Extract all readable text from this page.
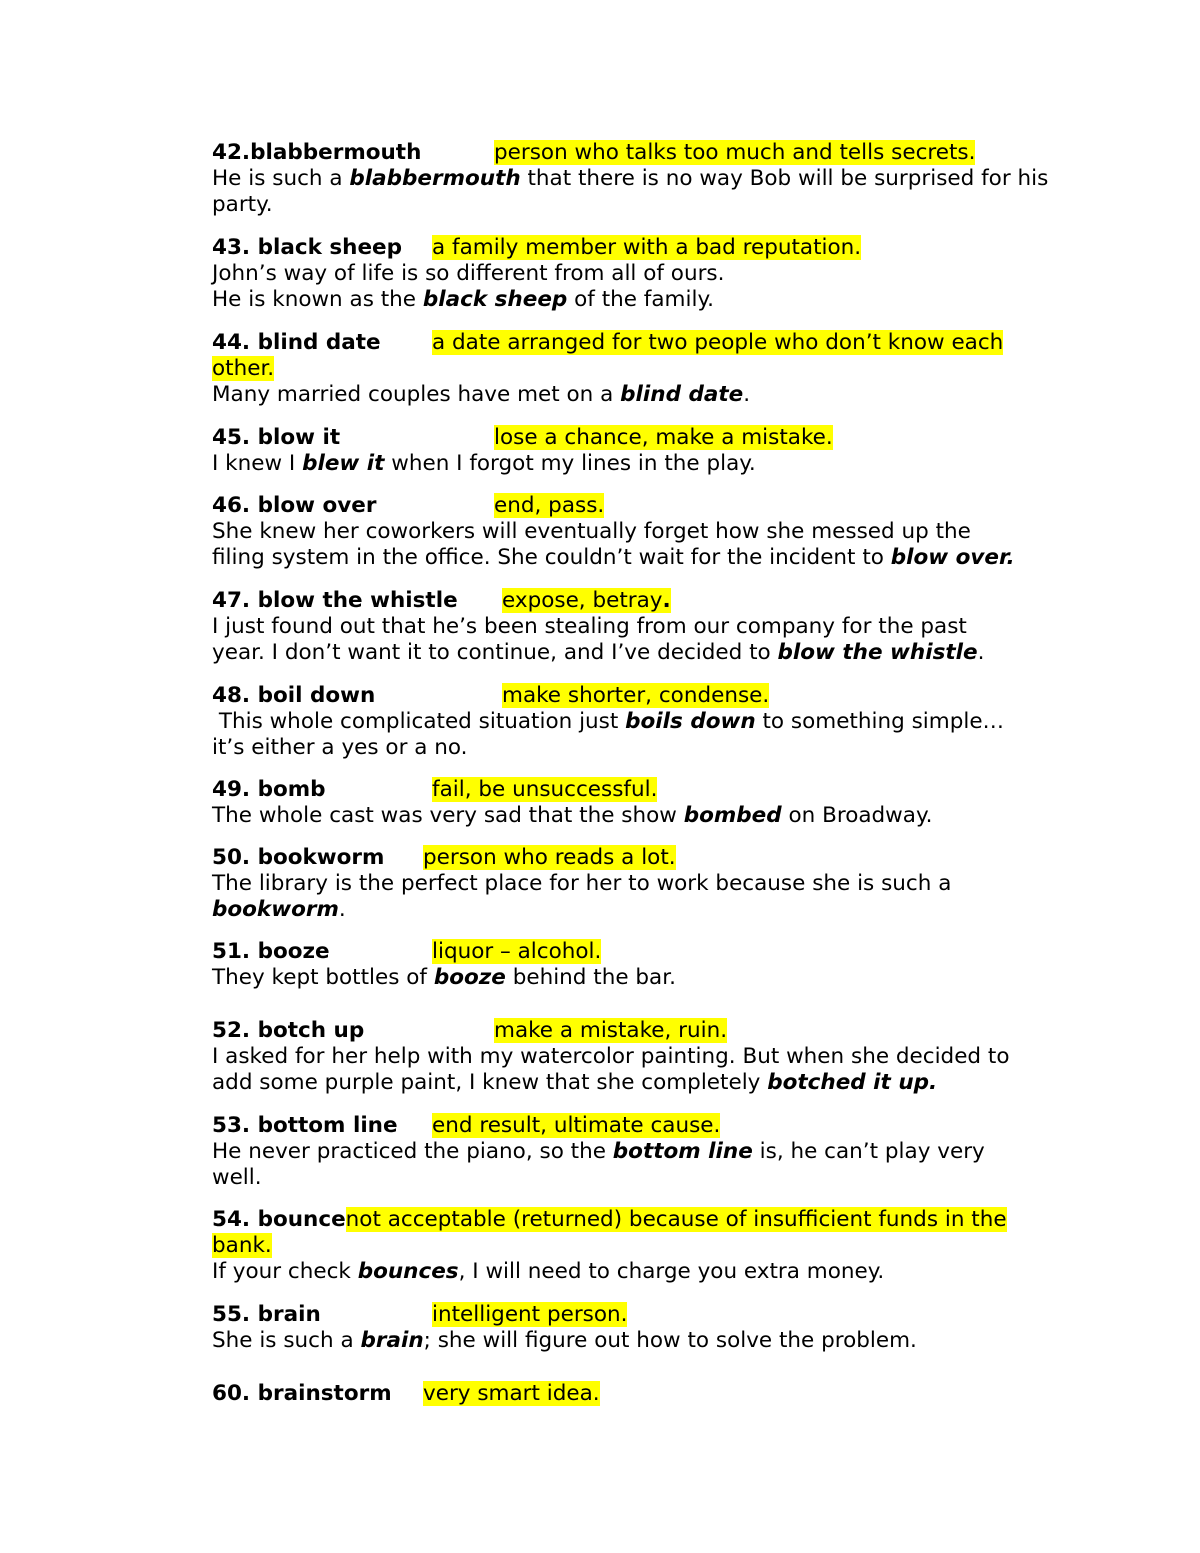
42.blabbermouth	person who talks too much and tells secrets.
He is such a blabbermouth that there is no way Bob will be surprised for his party.
43. black sheep a family member with a bad reputation.
John’s way of life is so different from all of ours.
He is known as the black sheep of the family.
44. blind date a date arranged for two people who don’t know each
other.
Many married couples have met on a blind date.
45. blow it	lose a chance, make a mistake.
I knew I blew it when I forgot my lines in the play.
46. blow over	end, pass.
She knew her coworkers will eventually forget how she messed up the
filing system in the office. She couldn’t wait for the incident to blow over.
47. blow the whistle expose, betray.
I just found out that he’s been stealing from our company for the past
year. I don’t want it to continue, and I’ve decided to blow the whistle.
48. boil down	make shorter, condense.
This whole complicated situation just boils down to something simple…
it’s either a yes or a no.
49. bomb	fail, be unsuccessful.
The whole cast was very sad that the show bombed on Broadway.
50. bookworm person who reads a lot.
The library is the perfect place for her to work because she is such a
bookworm.
51. booze	liquor – alcohol.
They kept bottles of booze behind the bar.
52. botch up	make a mistake, ruin.
I asked for her help with my watercolor painting. But when she decided to
add some purple paint, I knew that she completely botched it up.
53. bottom line end result, ultimate cause.
He never practiced the piano, so the bottom line is, he can’t play very
well.
54. bouncenot acceptable (returned) because of insufficient funds in the
bank.
If your check bounces, I will need to charge you extra money.
55. brain	intelligent person.
She is such a brain; she will figure out how to solve the problem.
60. brainstorm very smart idea.
